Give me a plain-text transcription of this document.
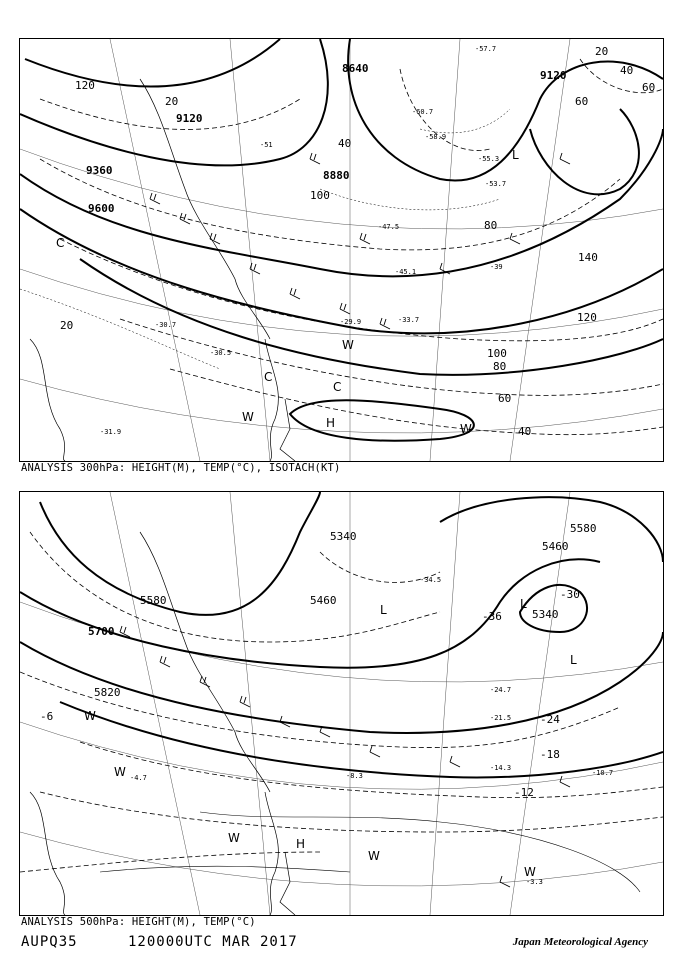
9120
9360
9600
8640
9120
8880
120
20
40
80
100
140
120
100
80
60
40
20
20
60
40
60
-51
-47.5
-45.1
-39
-33.7
-29.9
-30.7
-30.5
-31.9
-57.7
-55.3
-53.7
-58.9
-60.7
H
L
C
C
W
W
C
W
ANALYSIS 300hPa: HEIGHT(M), TEMP(°C), ISOTACH(KT)
5580
5700
5820
5340
5460
5580
5340
5460
-24
-18
-12
-6
-30
-36
-34.5
-21.5
-24.7
-14.3
-10.7
-8.3
-3.3
-4.7
H
L	L
L
W
W
W
W
W
ANALYSIS 500hPa: HEIGHT(M), TEMP(°C)
AUPQ35	120000UTC MAR 2017	Japan Meteorological Agency
